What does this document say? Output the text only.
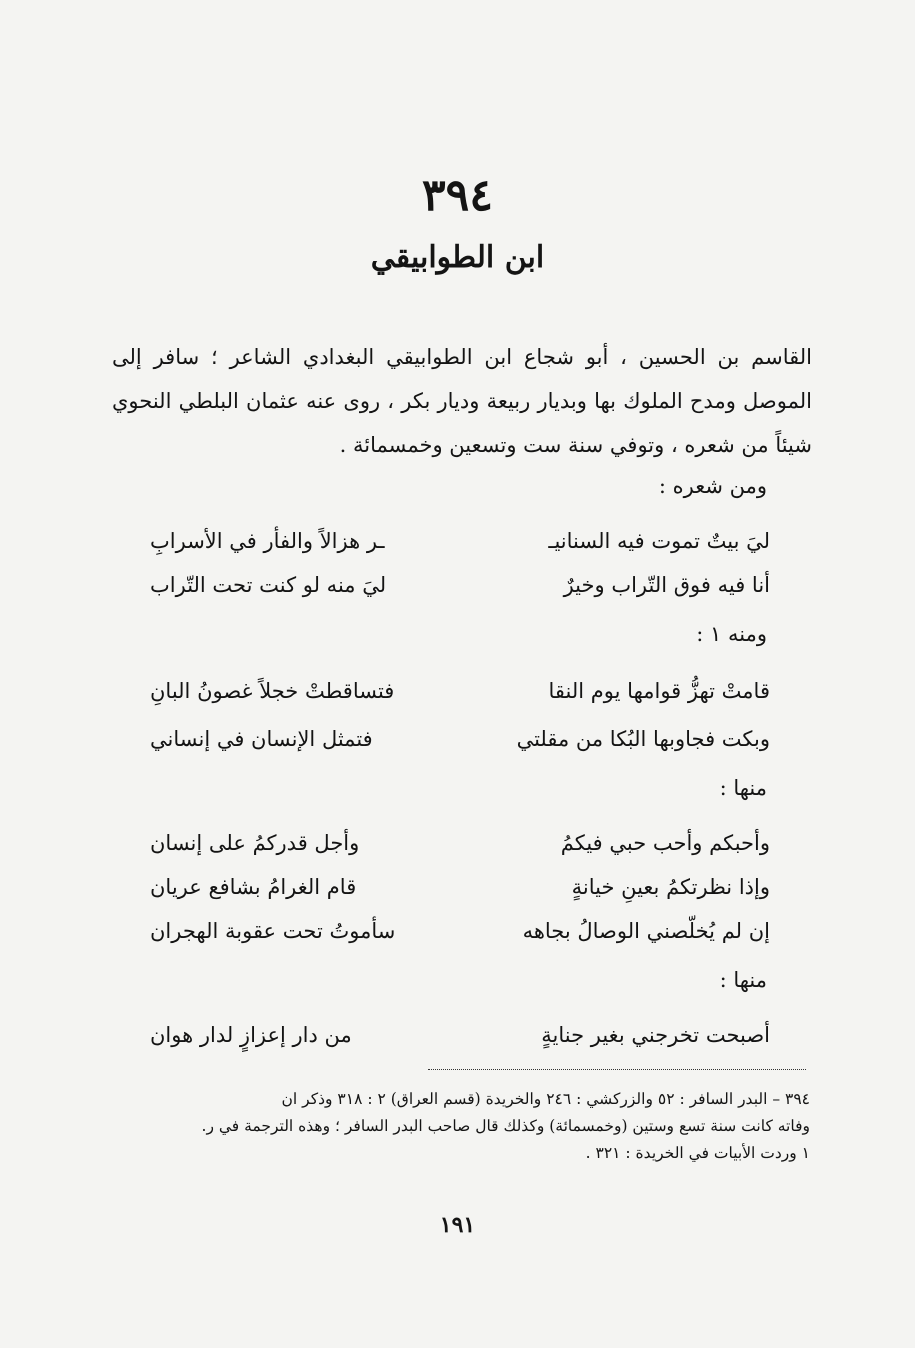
٣٩٤
ابن الطوابيقي

القاسم بن الحسين ، أبو شجاع ابن الطوابيقي البغدادي الشاعر ؛ سافر إلى الموصل ومدح الملوك بها وبديار ربيعة وديار بكر ، روى عنه عثمان البلطي النحوي شيئاً من شعره ، وتوفي سنة ست وتسعين وخمسمائة .

ومن شعره :
ليَ بيتٌ تموت فيه السنانيـ
ـر هزالاً والفأر في الأسرابِ
أنا فيه فوق التّراب وخيرٌ
ليَ منه لو كنت تحت التّراب
ومنه ١ :
قامتْ تهزُّ قوامها يوم النقا
فتساقطتْ خجلاً غصونُ البانِ
وبكت فجاوبها البُكا من مقلتي
فتمثل الإنسان في إنساني
منها :
وأحبكم وأحب حبي فيكمُ
وأجل قدركمُ على إنسان
وإذا نظرتكمُ بعينِ خيانةٍ
قام الغرامُ بشافع عريان
إن لم يُخلّصني الوصالُ بجاهه
سأموتُ تحت عقوبة الهجران
منها :
أصبحت تخرجني بغير جنايةٍ
من دار إعزازٍ لدار هوان
٣٩٤ – البدر السافر : ٥٢ والزركشي : ٢٤٦ والخريدة (قسم العراق) ٢ : ٣١٨ وذكر ان
وفاته كانت سنة تسع وستين (وخمسمائة) وكذلك قال صاحب البدر السافر ؛ وهذه الترجمة في ر.
١ وردت الأبيات في الخريدة : ٣٢١ .
١٩١
